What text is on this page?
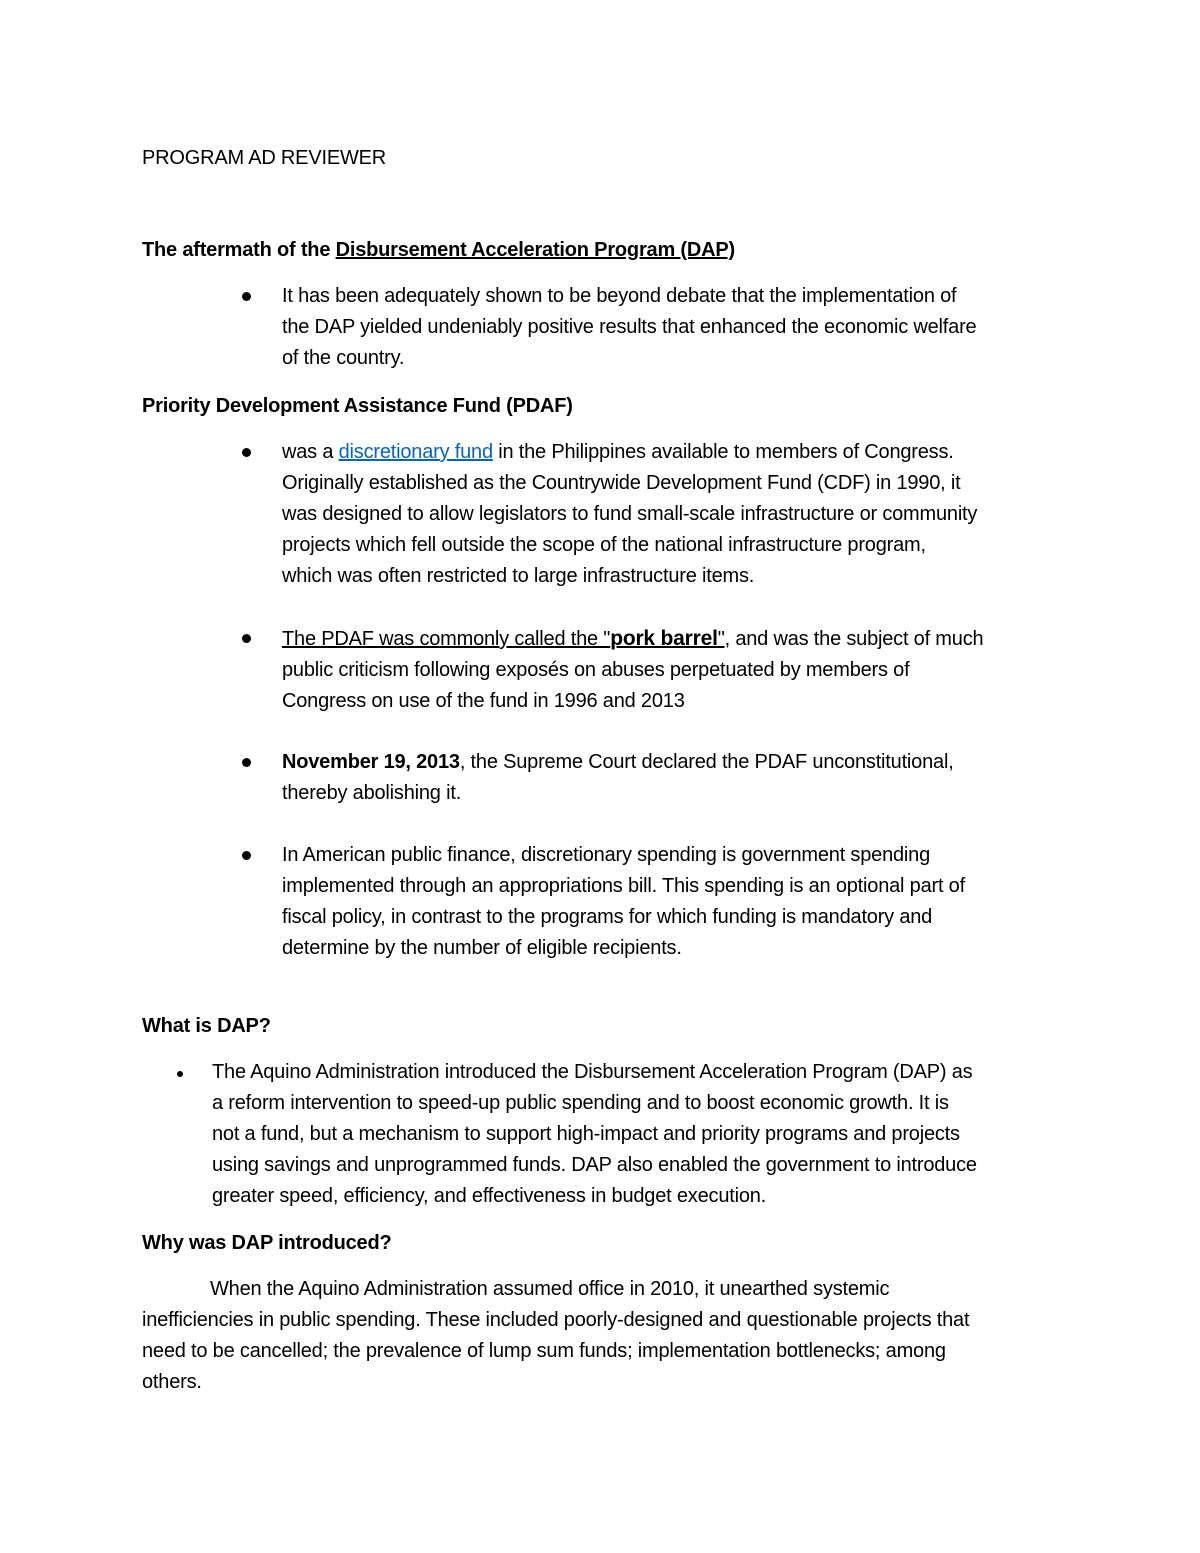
PROGRAM AD REVIEWER
The aftermath of the Disbursement Acceleration Program (DAP)
It has been adequately shown to be beyond debate that the implementation of
the DAP yielded undeniably positive results that enhanced the economic welfare
of the country.
Priority Development Assistance Fund (PDAF)
was a discretionary fund in the Philippines available to members of Congress.
Originally established as the Countrywide Development Fund (CDF) in 1990, it
was designed to allow legislators to fund small-scale infrastructure or community
projects which fell outside the scope of the national infrastructure program,
which was often restricted to large infrastructure items.
The PDAF was commonly called the "pork barrel", and was the subject of much
public criticism following exposés on abuses perpetuated by members of
Congress on use of the fund in 1996 and 2013
November 19, 2013, the Supreme Court declared the PDAF unconstitutional,
thereby abolishing it.
In American public finance, discretionary spending is government spending
implemented through an appropriations bill. This spending is an optional part of
fiscal policy, in contrast to the programs for which funding is mandatory and
determine by the number of eligible recipients.
What is DAP?
The Aquino Administration introduced the Disbursement Acceleration Program (DAP) as
a reform intervention to speed-up public spending and to boost economic growth. It is
not a fund, but a mechanism to support high-impact and priority programs and projects
using savings and unprogrammed funds. DAP also enabled the government to introduce
greater speed, efficiency, and effectiveness in budget execution.
Why was DAP introduced?
When the Aquino Administration assumed office in 2010, it unearthed systemic
inefficiencies in public spending. These included poorly-designed and questionable projects that
need to be cancelled; the prevalence of lump sum funds; implementation bottlenecks; among
others.
